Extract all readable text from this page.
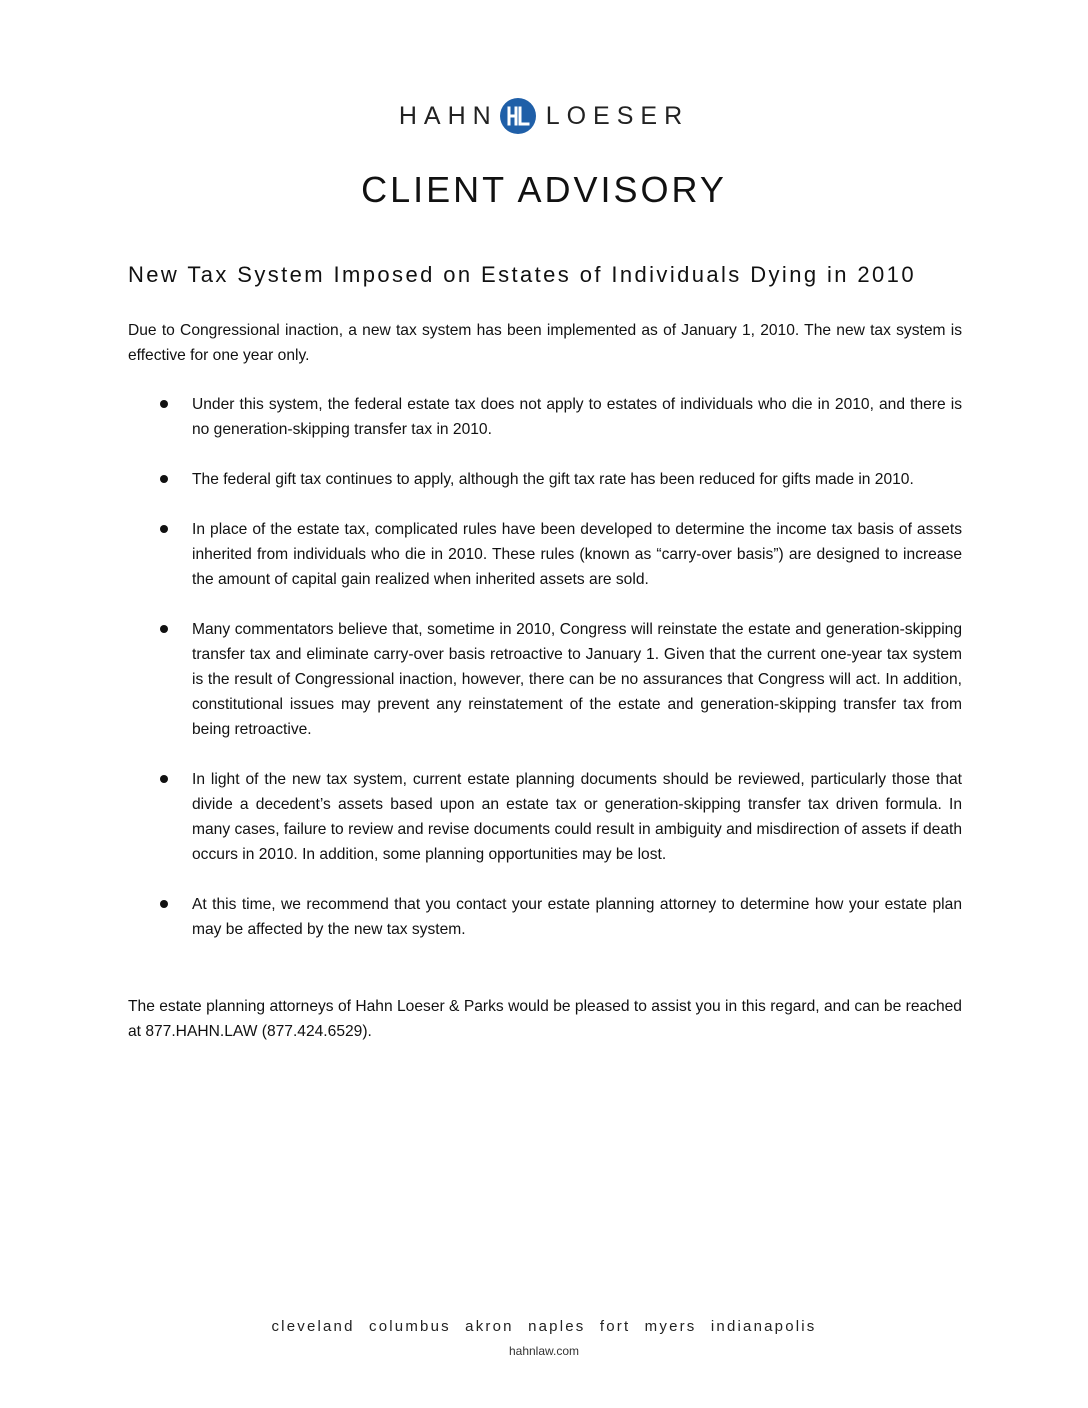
HAHN LOESER
CLIENT ADVISORY
New Tax System Imposed on Estates of Individuals Dying in 2010

Due to Congressional inaction, a new tax system has been implemented as of January 1, 2010. The new tax system is effective for one year only.

Under this system, the federal estate tax does not apply to estates of individuals who die in 2010, and there is no generation-skipping transfer tax in 2010.
The federal gift tax continues to apply, although the gift tax rate has been reduced for gifts made in 2010.
In place of the estate tax, complicated rules have been developed to determine the income tax basis of assets inherited from individuals who die in 2010. These rules (known as “carry-over basis”) are designed to increase the amount of capital gain realized when inherited assets are sold.
Many commentators believe that, sometime in 2010, Congress will reinstate the estate and generation-skipping transfer tax and eliminate carry-over basis retroactive to January 1. Given that the current one-year tax system is the result of Congressional inaction, however, there can be no assurances that Congress will act. In addition, constitutional issues may prevent any reinstatement of the estate and generation-skipping transfer tax from being retroactive.
In light of the new tax system, current estate planning documents should be reviewed, particularly those that divide a decedent’s assets based upon an estate tax or generation-skipping transfer tax driven formula. In many cases, failure to review and revise documents could result in ambiguity and misdirection of assets if death occurs in 2010. In addition, some planning opportunities may be lost.
At this time, we recommend that you contact your estate planning attorney to determine how your estate plan may be affected by the new tax system.

The estate planning attorneys of Hahn Loeser & Parks would be pleased to assist you in this regard, and can be reached at 877.HAHN.LAW (877.424.6529).

cleveland columbus akron naples fort myers indianapolis
hahnlaw.com
